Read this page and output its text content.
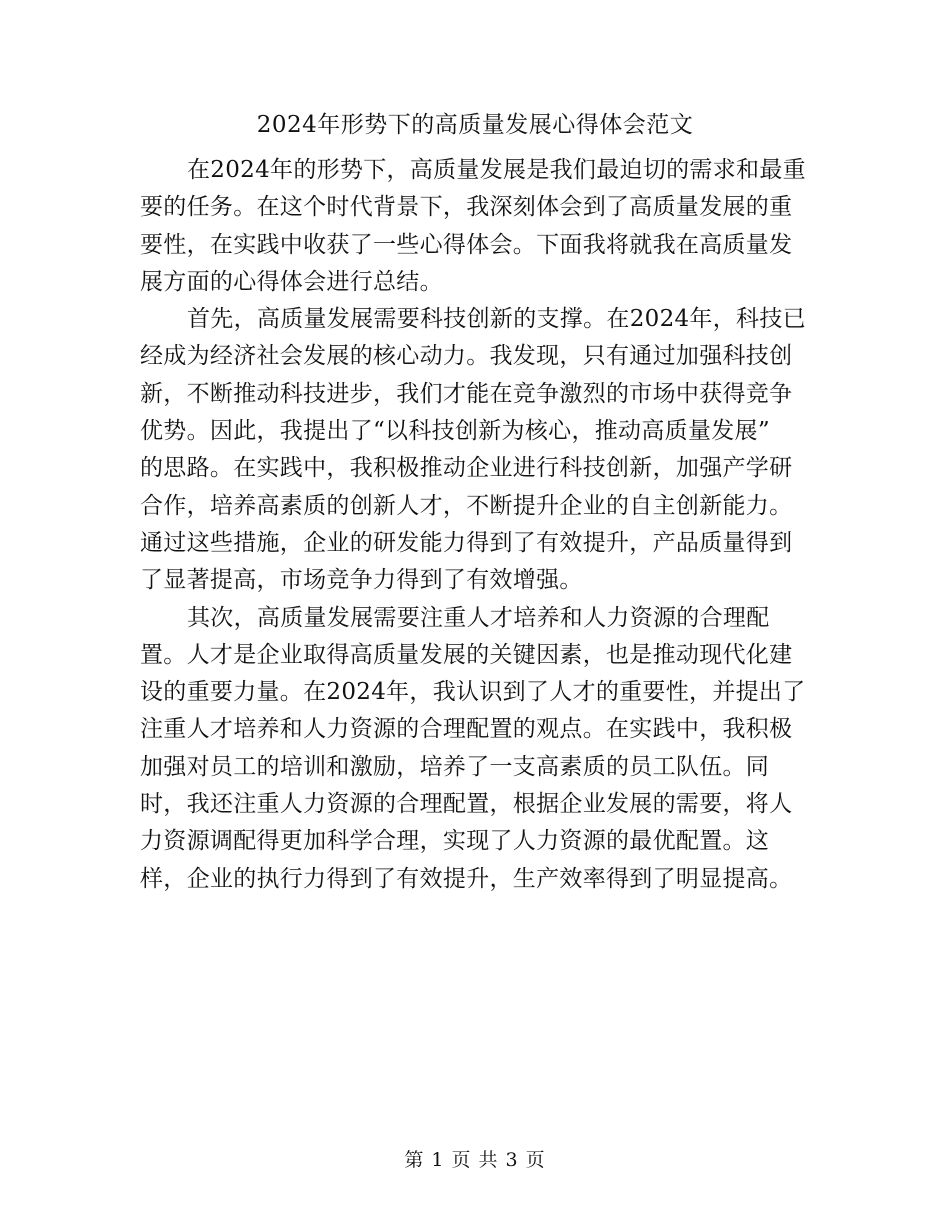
2024年形势下的高质量发展心得体会范文
在2024年的形势下，高质量发展是我们最迫切的需求和最重
要的任务。在这个时代背景下，我深刻体会到了高质量发展的重
要性，在实践中收获了一些心得体会。下面我将就我在高质量发
展方面的心得体会进行总结。
首先，高质量发展需要科技创新的支撑。在2024年，科技已
经成为经济社会发展的核心动力。我发现，只有通过加强科技创
新，不断推动科技进步，我们才能在竞争激烈的市场中获得竞争
优势。因此，我提出了“以科技创新为核心，推动高质量发展”
的思路。在实践中，我积极推动企业进行科技创新，加强产学研
合作，培养高素质的创新人才，不断提升企业的自主创新能力。
通过这些措施，企业的研发能力得到了有效提升，产品质量得到
了显著提高，市场竞争力得到了有效增强。
其次，高质量发展需要注重人才培养和人力资源的合理配
置。人才是企业取得高质量发展的关键因素，也是推动现代化建
设的重要力量。在2024年，我认识到了人才的重要性，并提出了
注重人才培养和人力资源的合理配置的观点。在实践中，我积极
加强对员工的培训和激励，培养了一支高素质的员工队伍。同
时，我还注重人力资源的合理配置，根据企业发展的需要，将人
力资源调配得更加科学合理，实现了人力资源的最优配置。这
样，企业的执行力得到了有效提升，生产效率得到了明显提高。
第 1 页 共 3 页
